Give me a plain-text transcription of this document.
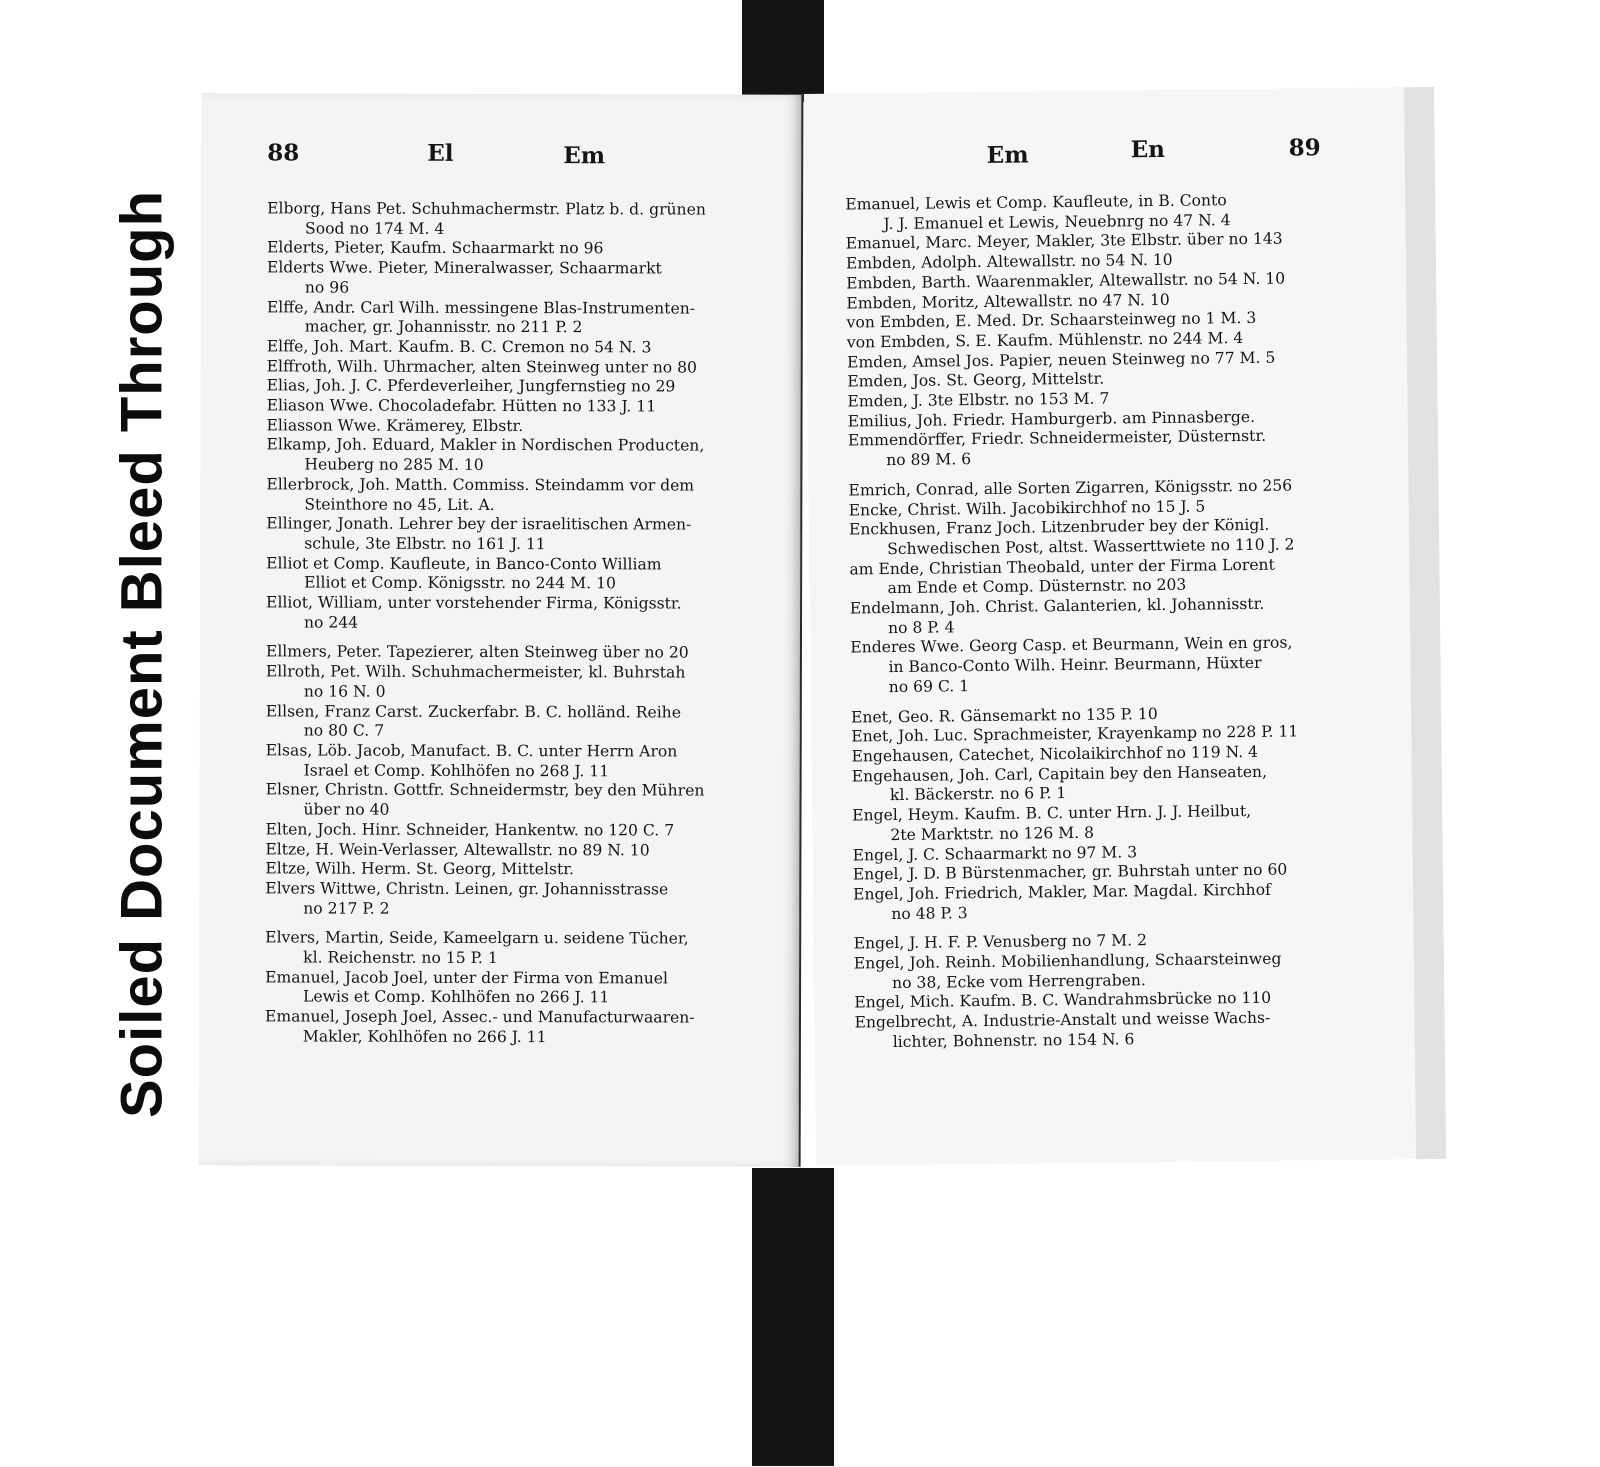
Soiled Document Bleed Through
88	El	Em
Elborg, Hans Pet. Schuhmachermstr. Platz b. d. grünen
Sood no 174 M. 4
Elderts, Pieter, Kaufm. Schaarmarkt no 96
Elderts Wwe. Pieter, Mineralwasser, Schaarmarkt
no 96
Elffe, Andr. Carl Wilh. messingene Blas-Instrumenten-
macher, gr. Johannisstr. no 211 P. 2
Elffe, Joh. Mart. Kaufm. B. C. Cremon no 54 N. 3
Elffroth, Wilh. Uhrmacher, alten Steinweg unter no 80
Elias, Joh. J. C. Pferdeverleiher, Jungfernstieg no 29
Eliason Wwe. Chocoladefabr. Hütten no 133 J. 11
Eliasson Wwe. Krämerey, Elbstr.
Elkamp, Joh. Eduard, Makler in Nordischen Producten,
Heuberg no 285 M. 10
Ellerbrock, Joh. Matth. Commiss. Steindamm vor dem
Steinthore no 45, Lit. A.
Ellinger, Jonath. Lehrer bey der israelitischen Armen-
schule, 3te Elbstr. no 161 J. 11
Elliot et Comp. Kaufleute, in Banco-Conto William
Elliot et Comp. Königsstr. no 244 M. 10
Elliot, William, unter vorstehender Firma, Königsstr.
no 244
Ellmers, Peter. Tapezierer, alten Steinweg über no 20
Ellroth, Pet. Wilh. Schuhmachermeister, kl. Buhrstah
no 16 N. 0
Ellsen, Franz Carst. Zuckerfabr. B. C. holländ. Reihe
no 80 C. 7
Elsas, Löb. Jacob, Manufact. B. C. unter Herrn Aron
Israel et Comp. Kohlhöfen no 268 J. 11
Elsner, Christn. Gottfr. Schneidermstr, bey den Mühren
über no 40
Elten, Joch. Hinr. Schneider, Hankentw. no 120 C. 7
Eltze, H. Wein-Verlasser, Altewallstr. no 89 N. 10
Eltze, Wilh. Herm. St. Georg, Mittelstr.
Elvers Wittwe, Christn. Leinen, gr. Johannisstrasse
no 217 P. 2
Elvers, Martin, Seide, Kameelgarn u. seidene Tücher,
kl. Reichenstr. no 15 P. 1
Emanuel, Jacob Joel, unter der Firma von Emanuel
Lewis et Comp. Kohlhöfen no 266 J. 11
Emanuel, Joseph Joel, Assec.- und Manufacturwaaren-
Makler, Kohlhöfen no 266 J. 11
Em	En	89
Emanuel, Lewis et Comp. Kaufleute, in B. Conto
J. J. Emanuel et Lewis, Neuebnrg no 47 N. 4
Emanuel, Marc. Meyer, Makler, 3te Elbstr. über no 143
Embden, Adolph. Altewallstr. no 54 N. 10
Embden, Barth. Waarenmakler, Altewallstr. no 54 N. 10
Embden, Moritz, Altewallstr. no 47 N. 10
von Embden, E. Med. Dr. Schaarsteinweg no 1 M. 3
von Embden, S. E. Kaufm. Mühlenstr. no 244 M. 4
Emden, Amsel Jos. Papier, neuen Steinweg no 77 M. 5
Emden, Jos. St. Georg, Mittelstr.
Emden, J. 3te Elbstr. no 153 M. 7
Emilius, Joh. Friedr. Hamburgerb. am Pinnasberge.
Emmendörffer, Friedr. Schneidermeister, Düsternstr.
no 89 M. 6
Emrich, Conrad, alle Sorten Zigarren, Königsstr. no 256
Encke, Christ. Wilh. Jacobikirchhof no 15 J. 5
Enckhusen, Franz Joch. Litzenbruder bey der Königl.
Schwedischen Post, altst. Wasserttwiete no 110 J. 2
am Ende, Christian Theobald, unter der Firma Lorent
am Ende et Comp. Düsternstr. no 203
Endelmann, Joh. Christ. Galanterien, kl. Johannisstr.
no 8 P. 4
Enderes Wwe. Georg Casp. et Beurmann, Wein en gros,
in Banco-Conto Wilh. Heinr. Beurmann, Hüxter
no 69 C. 1
Enet, Geo. R. Gänsemarkt no 135 P. 10
Enet, Joh. Luc. Sprachmeister, Krayenkamp no 228 P. 11
Engehausen, Catechet, Nicolaikirchhof no 119 N. 4
Engehausen, Joh. Carl, Capitain bey den Hanseaten,
kl. Bäckerstr. no 6 P. 1
Engel, Heym. Kaufm. B. C. unter Hrn. J. J. Heilbut,
2te Marktstr. no 126 M. 8
Engel, J. C. Schaarmarkt no 97 M. 3
Engel, J. D. B Bürstenmacher, gr. Buhrstah unter no 60
Engel, Joh. Friedrich, Makler, Mar. Magdal. Kirchhof
no 48 P. 3
Engel, J. H. F. P. Venusberg no 7 M. 2
Engel, Joh. Reinh. Mobilienhandlung, Schaarsteinweg
no 38, Ecke vom Herrengraben.
Engel, Mich. Kaufm. B. C. Wandrahmsbrücke no 110
Engelbrecht, A. Industrie-Anstalt und weisse Wachs-
lichter, Bohnenstr. no 154 N. 6
